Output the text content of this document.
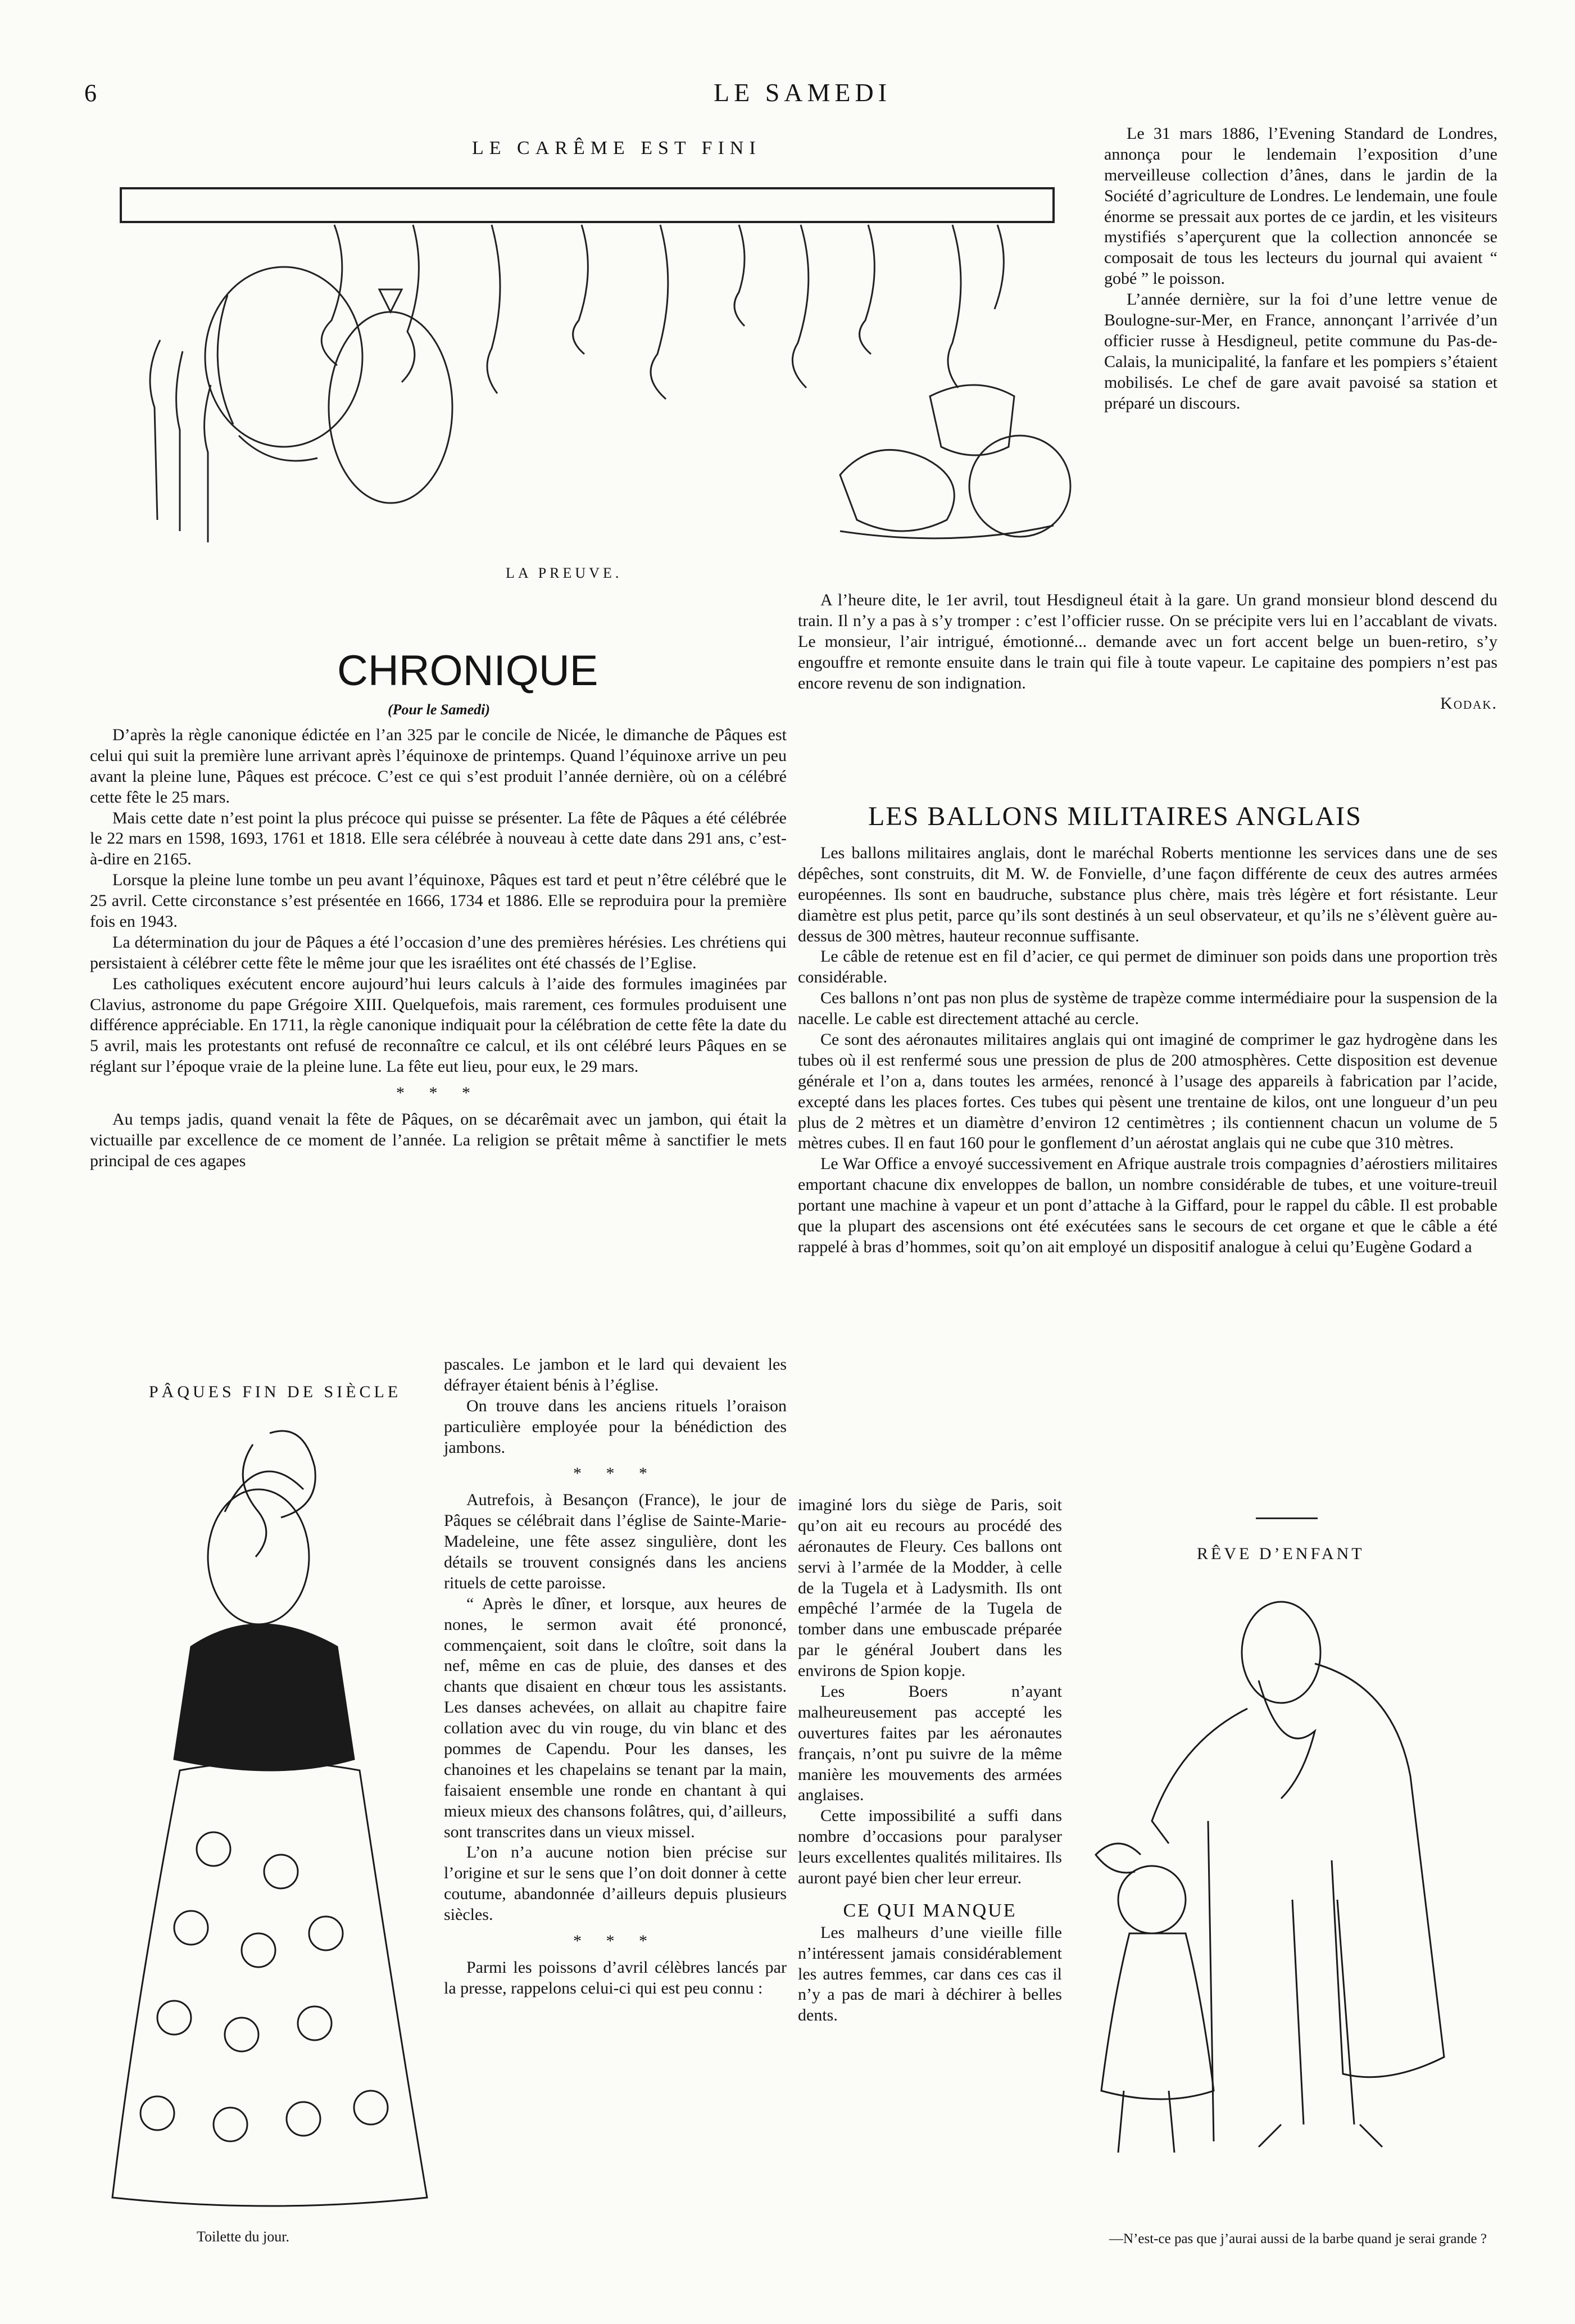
6	LE SAMEDI
LE CARÊME EST FINI
LA PREUVE.

Le 31 mars 1886, l’Evening Standard de Londres, annonça pour le lendemain l’exposition d’une merveilleuse collection d’ânes, dans le jardin de la Société d’agriculture de Londres. Le lendemain, une foule énorme se pressait aux portes de ce jardin, et les visiteurs mystifiés s’aperçurent que la collection annoncée se composait de tous les lecteurs du journal qui avaient “ gobé ” le poisson.

L’année dernière, sur la foi d’une lettre venue de Boulogne-sur-Mer, en France, annonçant l’arrivée d’un officier russe à Hesdigneul, petite commune du Pas-de-Calais, la municipalité, la fanfare et les pompiers s’étaient mobilisés. Le chef de gare avait pavoisé sa station et préparé un discours.

A l’heure dite, le 1er avril, tout Hesdigneul était à la gare. Un grand monsieur blond descend du train. Il n’y a pas à s’y tromper : c’est l’officier russe. On se précipite vers lui en l’accablant de vivats. Le monsieur, l’air intrigué, émotionné... demande avec un fort accent belge un buen-retiro, s’y engouffre et remonte ensuite dans le train qui file à toute vapeur. Le capitaine des pompiers n’est pas encore revenu de son indignation.

Kodak.

CHRONIQUE
(Pour le Samedi)

D’après la règle canonique édictée en l’an 325 par le concile de Nicée, le dimanche de Pâques est celui qui suit la première lune arrivant après l’équinoxe de printemps. Quand l’équinoxe arrive un peu avant la pleine lune, Pâques est précoce. C’est ce qui s’est produit l’année dernière, où on a célébré cette fête le 25 mars.

Mais cette date n’est point la plus précoce qui puisse se présenter. La fête de Pâques a été célébrée le 22 mars en 1598, 1693, 1761 et 1818. Elle sera célébrée à nouveau à cette date dans 291 ans, c’est-à-dire en 2165.

Lorsque la pleine lune tombe un peu avant l’équinoxe, Pâques est tard et peut n’être célébré que le 25 avril. Cette circonstance s’est présentée en 1666, 1734 et 1886. Elle se reproduira pour la première fois en 1943.

La détermination du jour de Pâques a été l’occasion d’une des premières hérésies. Les chrétiens qui persistaient à célébrer cette fête le même jour que les israélites ont été chassés de l’Eglise.

Les catholiques exécutent encore aujourd’hui leurs calculs à l’aide des formules imaginées par Clavius, astronome du pape Grégoire XIII. Quelquefois, mais rarement, ces formules produisent une différence appréciable. En 1711, la règle canonique indiquait pour la célébration de cette fête la date du 5 avril, mais les protestants ont refusé de reconnaître ce calcul, et ils ont célébré leurs Pâques en se réglant sur l’époque vraie de la pleine lune. La fête eut lieu, pour eux, le 29 mars.

* * *

Au temps jadis, quand venait la fête de Pâques, on se décarêmait avec un jambon, qui était la victuaille par excellence de ce moment de l’année. La religion se prêtait même à sanctifier le mets principal de ces agapes

PÂQUES FIN DE SIÈCLE
Toilette du jour.

pascales. Le jambon et le lard qui devaient les défrayer étaient bénis à l’église.

On trouve dans les anciens rituels l’oraison particulière employée pour la bénédiction des jambons.

* * *

Autrefois, à Besançon (France), le jour de Pâques se célébrait dans l’église de Sainte-Marie-Madeleine, une fête assez singulière, dont les détails se trouvent consignés dans les anciens rituels de cette paroisse.

“ Après le dîner, et lorsque, aux heures de nones, le sermon avait été prononcé, commençaient, soit dans le cloître, soit dans la nef, même en cas de pluie, des danses et des chants que disaient en chœur tous les assistants. Les danses achevées, on allait au chapitre faire collation avec du vin rouge, du vin blanc et des pommes de Capendu. Pour les danses, les chanoines et les chapelains se tenant par la main, faisaient ensemble une ronde en chantant à qui mieux mieux des chansons folâtres, qui, d’ailleurs, sont transcrites dans un vieux missel.

L’on n’a aucune notion bien précise sur l’origine et sur le sens que l’on doit donner à cette coutume, abandonnée d’ailleurs depuis plusieurs siècles.

* * *

Parmi les poissons d’avril célèbres lancés par la presse, rappelons celui-ci qui est peu connu :

LES BALLONS MILITAIRES ANGLAIS

Les ballons militaires anglais, dont le maréchal Roberts mentionne les services dans une de ses dépêches, sont construits, dit M. W. de Fonvielle, d’une façon différente de ceux des autres armées européennes. Ils sont en baudruche, substance plus chère, mais très légère et fort résistante. Leur diamètre est plus petit, parce qu’ils sont destinés à un seul observateur, et qu’ils ne s’élèvent guère au-dessus de 300 mètres, hauteur reconnue suffisante.

Le câble de retenue est en fil d’acier, ce qui permet de diminuer son poids dans une proportion très considérable.

Ces ballons n’ont pas non plus de système de trapèze comme intermédiaire pour la suspension de la nacelle. Le cable est directement attaché au cercle.

Ce sont des aéronautes militaires anglais qui ont imaginé de comprimer le gaz hydrogène dans les tubes où il est renfermé sous une pression de plus de 200 atmosphères. Cette disposition est devenue générale et l’on a, dans toutes les armées, renoncé à l’usage des appareils à fabrication par l’acide, excepté dans les places fortes. Ces tubes qui pèsent une trentaine de kilos, ont une longueur d’un peu plus de 2 mètres et un diamètre d’environ 12 centimètres ; ils contiennent chacun un volume de 5 mètres cubes. Il en faut 160 pour le gonflement d’un aérostat anglais qui ne cube que 310 mètres.

Le War Office a envoyé successivement en Afrique australe trois compagnies d’aérostiers militaires emportant chacune dix enveloppes de ballon, un nombre considérable de tubes, et une voiture-treuil portant une machine à vapeur et un pont d’attache à la Giffard, pour le rappel du câble. Il est probable que la plupart des ascensions ont été exécutées sans le secours de cet organe et que le câble a été rappelé à bras d’hommes, soit qu’on ait employé un dispositif analogue à celui qu’Eugène Godard a

imaginé lors du siège de Paris, soit qu’on ait eu recours au procédé des aéronautes de Fleury. Ces ballons ont servi à l’armée de la Modder, à celle de la Tugela et à Ladysmith. Ils ont empêché l’armée de la Tugela de tomber dans une embuscade préparée par le général Joubert dans les environs de Spion kopje.

Les Boers n’ayant malheureusement pas accepté les ouvertures faites par les aéronautes français, n’ont pu suivre de la même manière les mouvements des armées anglaises.

Cette impossibilité a suffi dans nombre d’occasions pour paralyser leurs excellentes qualités militaires. Ils auront payé bien cher leur erreur.

CE QUI MANQUE

Les malheurs d’une vieille fille n’intéressent jamais considérablement les autres femmes, car dans ces cas il n’y a pas de mari à déchirer à belles dents.

RÊVE D’ENFANT
—N’est-ce pas que j’aurai aussi de la barbe quand je serai grande ?
